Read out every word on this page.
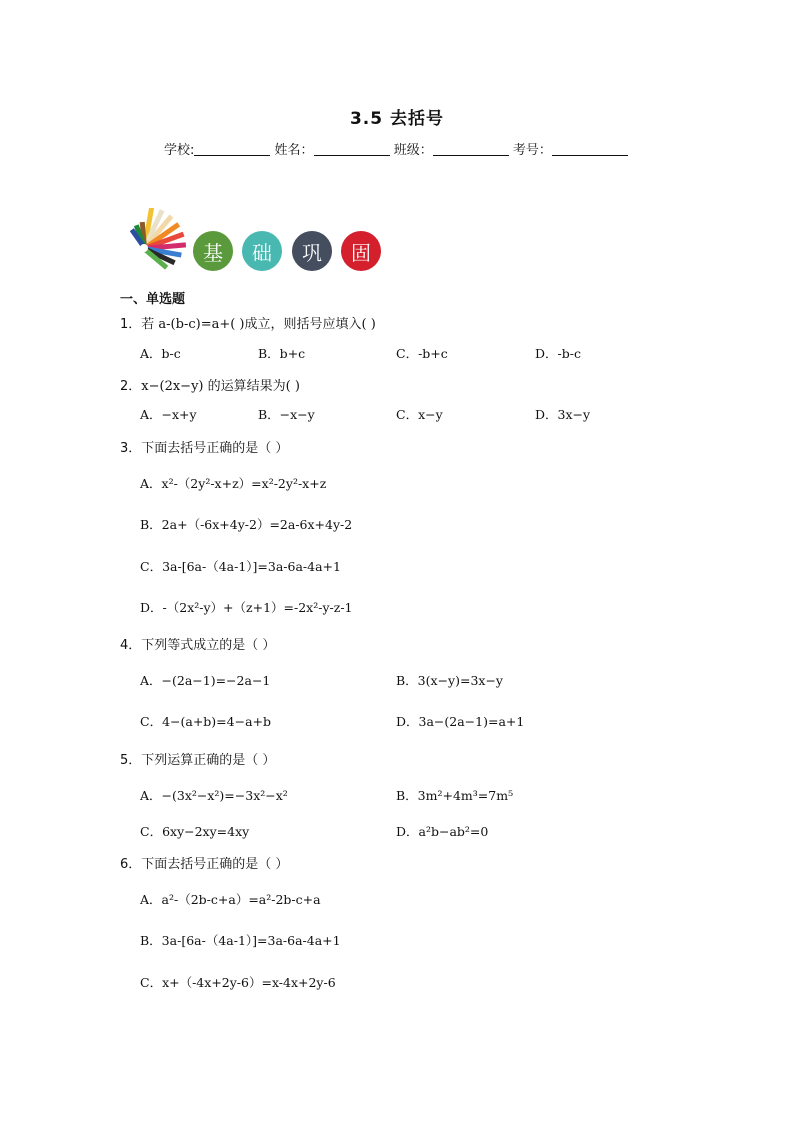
3.5 去括号
学校:	姓名：	班级：	考号：
基	础	巩	固
一、单选题
1．若 a-(b-c)=a+( )成立，则括号应填入( )
A．b-c	B．b+c	C．-b+c	D．-b-c
2．x−(2x−y) 的运算结果为( )
A．−x+y	B．−x−y	C．x−y	D．3x−y
3．下面去括号正确的是（ ）
A．x²-（2y²-x+z）=x²-2y²-x+z
B．2a+（-6x+4y-2）=2a-6x+4y-2
C．3a-[6a-（4a-1）]=3a-6a-4a+1
D．-（2x²-y）+（z+1）=-2x²-y-z-1
4．下列等式成立的是（ ）
A．−(2a−1)=−2a−1	B．3(x−y)=3x−y
C．4−(a+b)=4−a+b	D．3a−(2a−1)=a+1
5．下列运算正确的是（ ）
A．−(3x²−x²)=−3x²−x²	B．3m²+4m³=7m⁵
C．6xy−2xy=4xy	D．a²b−ab²=0
6．下面去括号正确的是（ ）
A．a²-（2b-c+a）=a²-2b-c+a
B．3a-[6a-（4a-1）]=3a-6a-4a+1
C．x+（-4x+2y-6）=x-4x+2y-6
